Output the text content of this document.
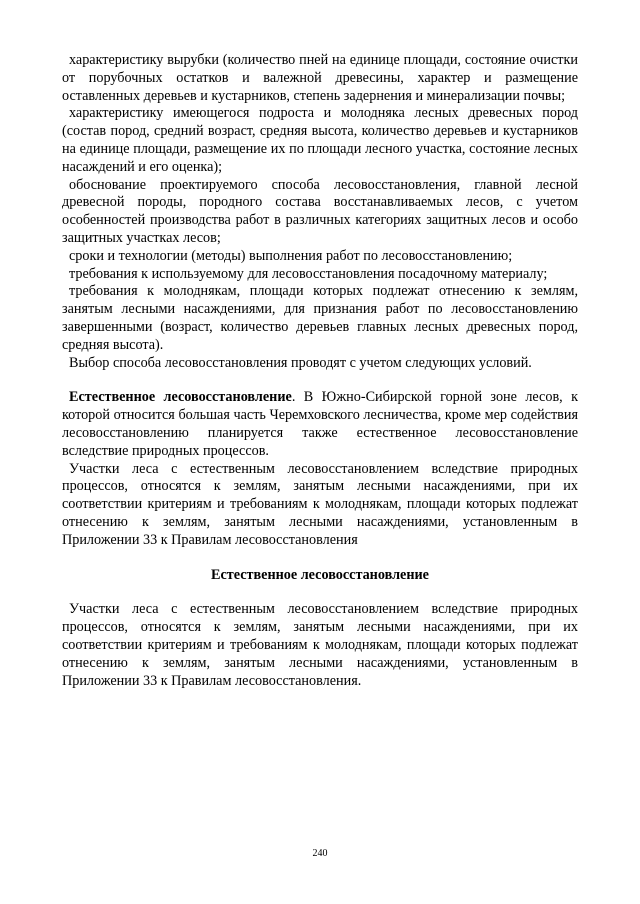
характеристику вырубки (количество пней на единице площади, состояние очистки от порубочных остатков и валежной древесины, характер и размещение оставленных деревьев и кустарников, степень задернения и минерализации почвы;

характеристику имеющегося подроста и молодняка лесных древесных пород (состав пород, средний возраст, средняя высота, количество деревьев и кустарников на единице площади, размещение их по площади лесного участка, состояние лесных насаждений и его оценка);

обоснование проектируемого способа лесовосстановления, главной лесной древесной породы, породного состава восстанавливаемых лесов, с учетом особенностей производства работ в различных категориях защитных лесов и особо защитных участках лесов;

сроки и технологии (методы) выполнения работ по лесовосстановлению;

требования к используемому для лесовосстановления посадочному материалу;

требования к молоднякам, площади которых подлежат отнесению к землям, занятым лесными насаждениями, для признания работ по лесовосстановлению завершенными (возраст, количество деревьев главных лесных древесных пород, средняя высота).

Выбор способа лесовосстановления проводят с учетом следующих условий.

Естественное лесовосстановление. В Южно-Сибирской горной зоне лесов, к которой относится большая часть Черемховского лесничества, кроме мер содействия лесовосстановлению планируется также естественное лесовосстановление вследствие природных процессов.

Участки леса с естественным лесовосстановлением вследствие природных процессов, относятся к землям, занятым лесными насаждениями, при их соответствии критериям и требованиям к молоднякам, площади которых подлежат отнесению к землям, занятым лесными насаждениями, установленным в Приложении 33 к Правилам лесовосстановления

Естественное лесовосстановление

Участки леса с естественным лесовосстановлением вследствие природных процессов, относятся к землям, занятым лесными насаждениями, при их соответствии критериям и требованиям к молоднякам, площади которых подлежат отнесению к землям, занятым лесными насаждениями, установленным в Приложении 33 к Правилам лесовосстановления.

240
